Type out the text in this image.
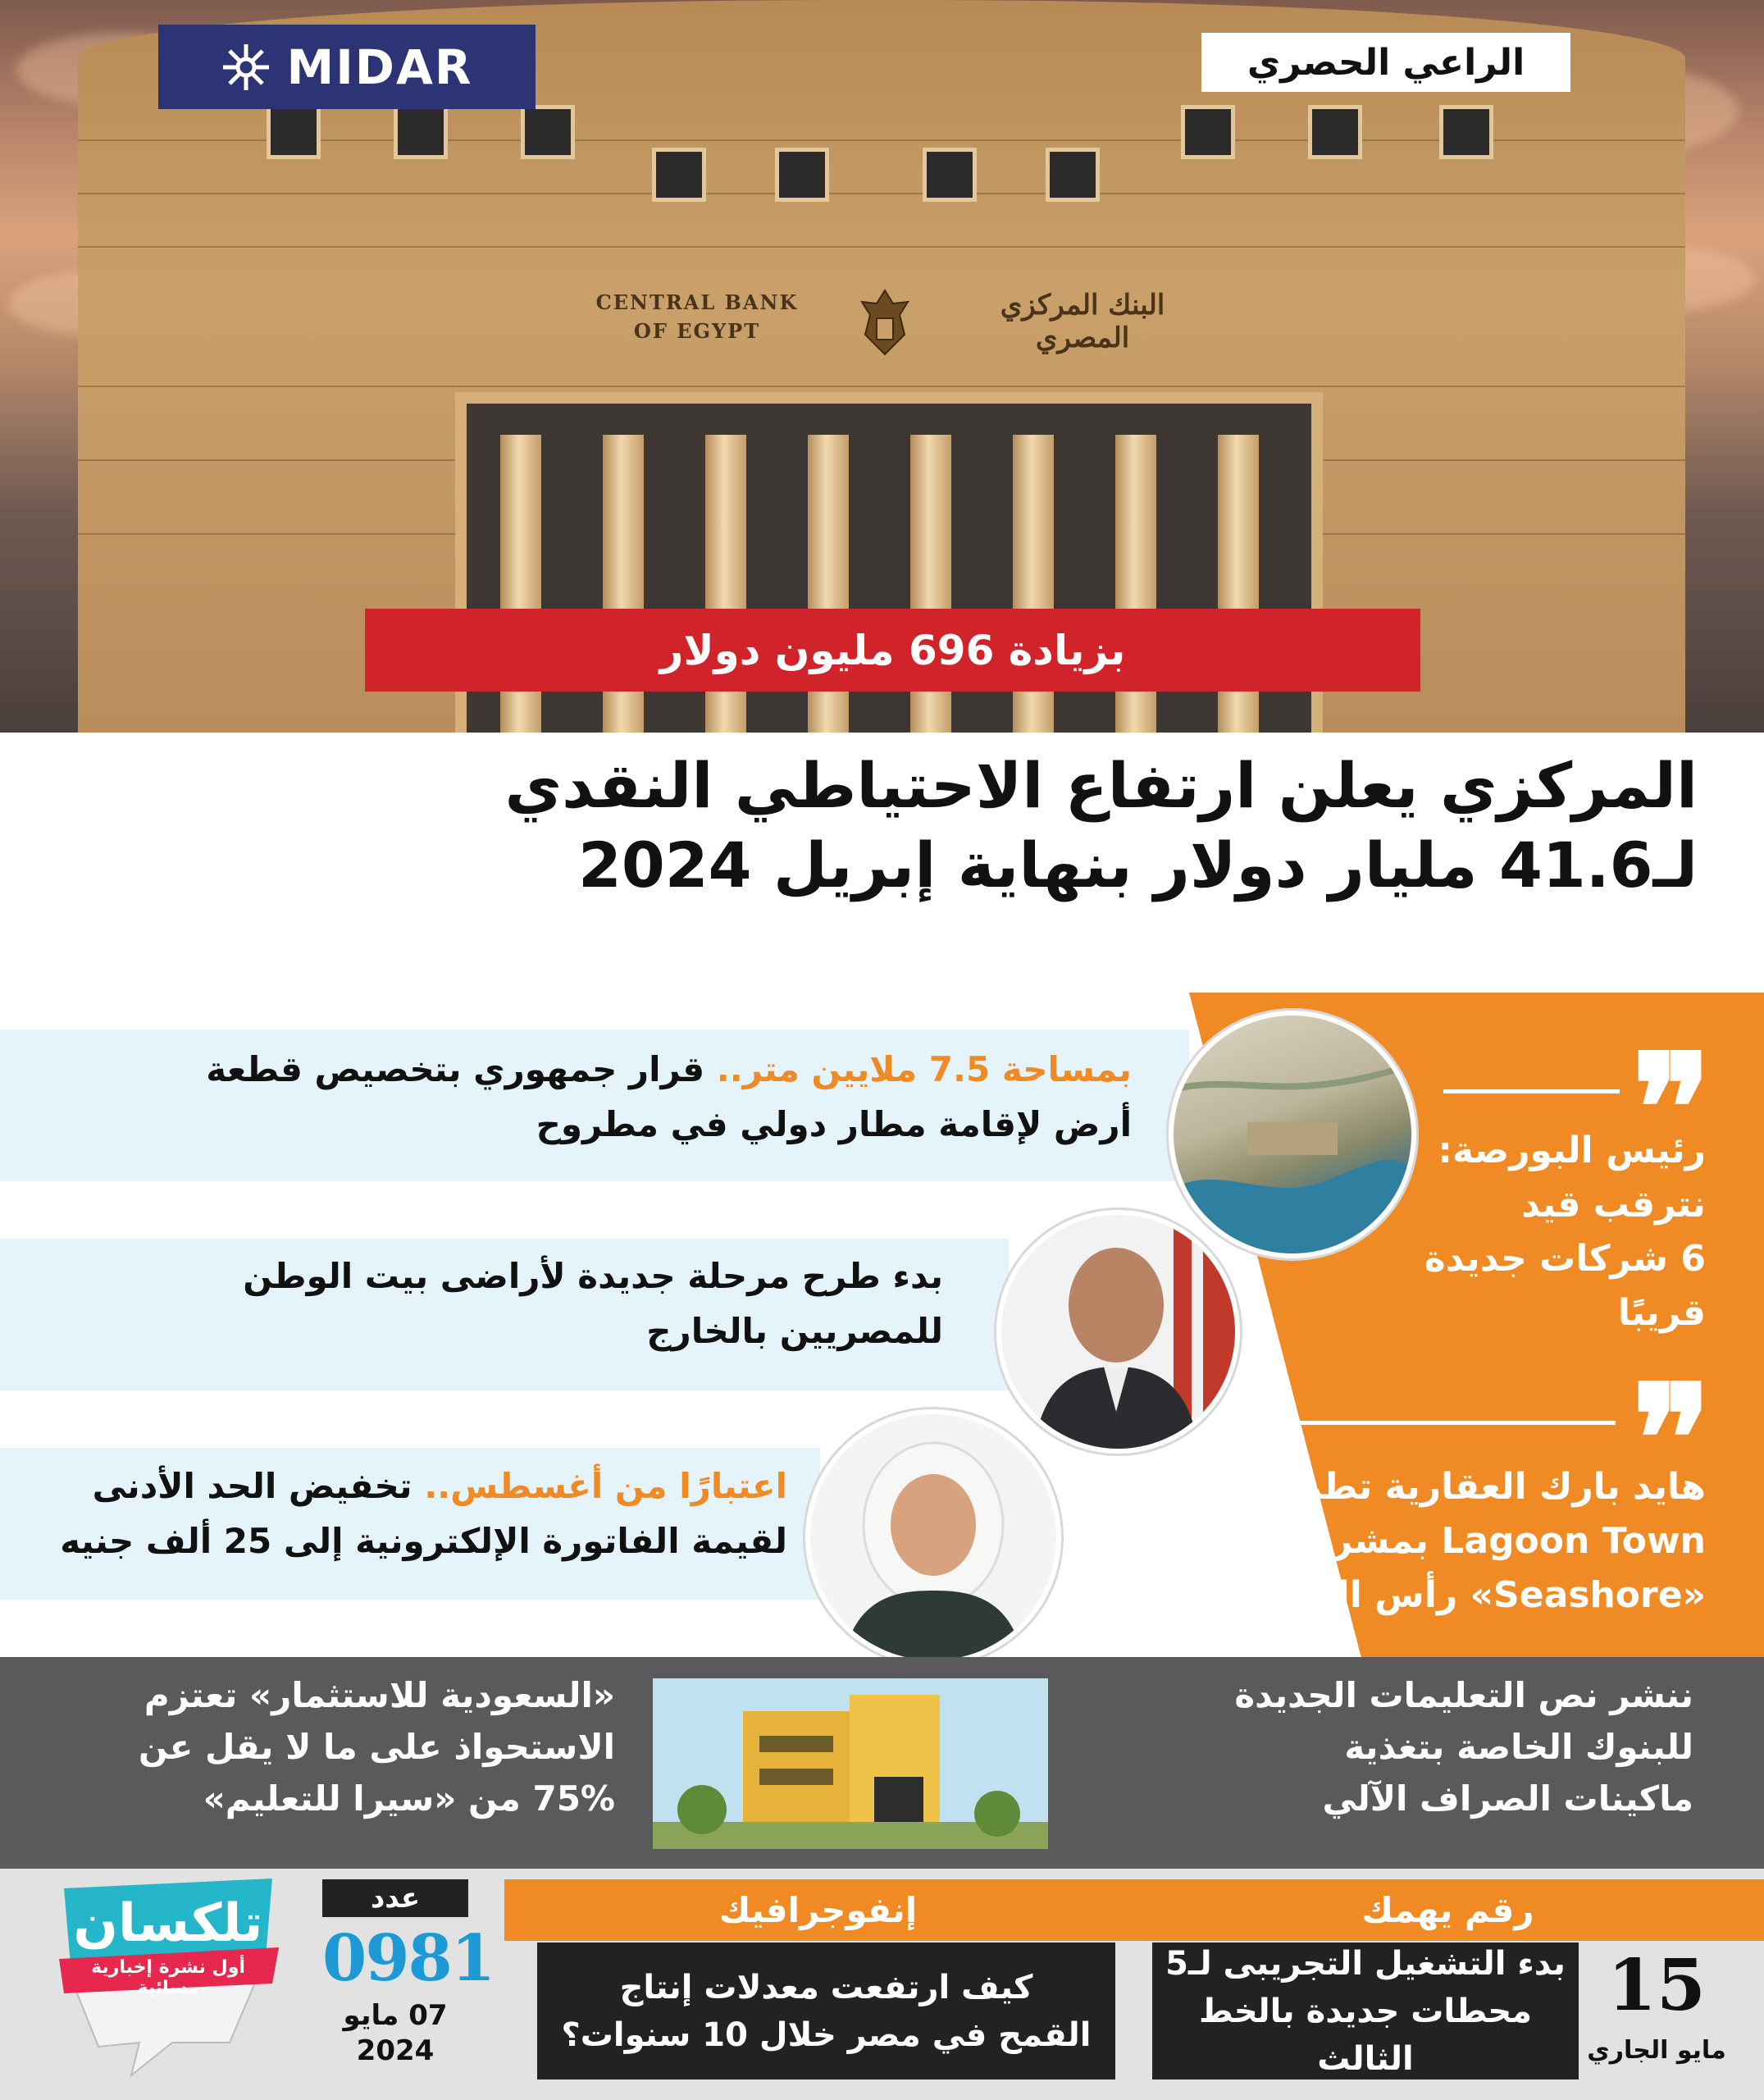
CENTRAL BANK
OF EGYPT
البنك المركزي المصري
MIDAR	الراعي الحصري
بزيادة 696 مليون دولار
المركزي يعلن ارتفاع الاحتياطي النقدي
لـ41.6 مليار دولار بنهاية إبريل 2024
بمساحة 7.5 ملايين متر.. قرار جمهوري بتخصيص قطعة
أرض لإقامة مطار دولي في مطروح
بدء طرح مرحلة جديدة لأراضى بيت الوطن
للمصريين بالخارج
اعتبارًا من أغسطس.. تخفيض الحد الأدنى
لقيمة الفاتورة الإلكترونية إلى 25 ألف جنيه
❞
رئيس البورصة:
نترقب قيد
6 شركات جديدة
قريبًا
❞
هايد بارك العقارية تطرح
Lagoon Town بمشروع
«Seashore» رأس الحكمة
«السعودية للاستثمار» تعتزم
الاستحواذ على ما لا يقل عن
75% من «سيرا للتعليم»
ننشر نص التعليمات الجديدة
للبنوك الخاصة بتغذية
ماكينات الصراف الآلي
تلكسان
أول نشرة إخبارية مسائية
عدد
0981
07 مايو
2024
إنفوجرافيك
كيف ارتفعت معدلات إنتاج
القمح في مصر خلال 10 سنوات؟
رقم يهمك
بدء التشغيل التجريبى لـ5
محطات جديدة بالخط الثالث
15
مايو الجاري
